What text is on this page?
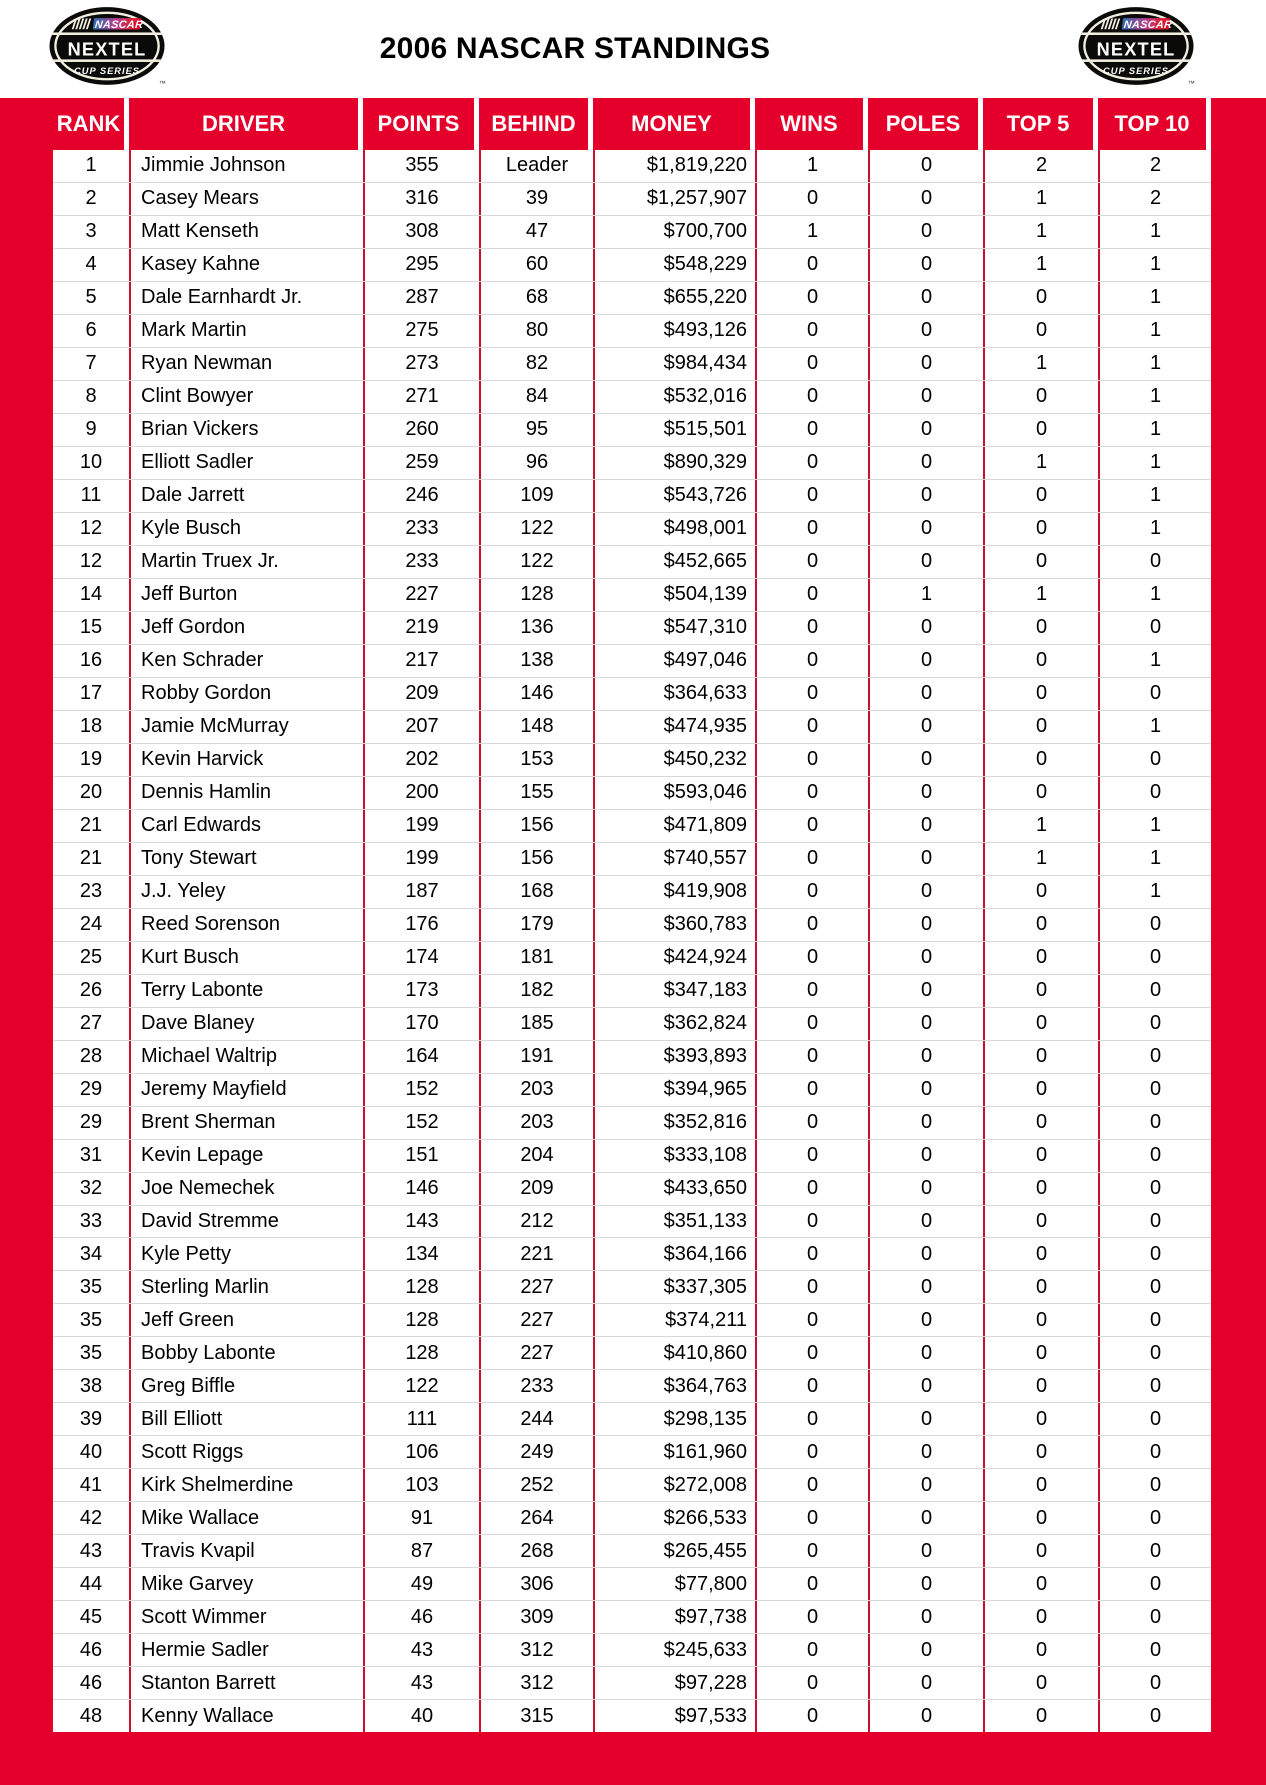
2006 NASCAR STANDINGS
RANK	DRIVER	POINTS	BEHIND	MONEY	WINS	POLES	TOP 5	TOP 10
1	Jimmie Johnson	355	Leader	$1,819,220	1	0	2	2
2	Casey Mears	316	39	$1,257,907	0	0	1	2
3	Matt Kenseth	308	47	$700,700	1	0	1	1
4	Kasey Kahne	295	60	$548,229	0	0	1	1
5	Dale Earnhardt Jr.	287	68	$655,220	0	0	0	1
6	Mark Martin	275	80	$493,126	0	0	0	1
7	Ryan Newman	273	82	$984,434	0	0	1	1
8	Clint Bowyer	271	84	$532,016	0	0	0	1
9	Brian Vickers	260	95	$515,501	0	0	0	1
10	Elliott Sadler	259	96	$890,329	0	0	1	1
11	Dale Jarrett	246	109	$543,726	0	0	0	1
12	Kyle Busch	233	122	$498,001	0	0	0	1
12	Martin Truex Jr.	233	122	$452,665	0	0	0	0
14	Jeff Burton	227	128	$504,139	0	1	1	1
15	Jeff Gordon	219	136	$547,310	0	0	0	0
16	Ken Schrader	217	138	$497,046	0	0	0	1
17	Robby Gordon	209	146	$364,633	0	0	0	0
18	Jamie McMurray	207	148	$474,935	0	0	0	1
19	Kevin Harvick	202	153	$450,232	0	0	0	0
20	Dennis Hamlin	200	155	$593,046	0	0	0	0
21	Carl Edwards	199	156	$471,809	0	0	1	1
21	Tony Stewart	199	156	$740,557	0	0	1	1
23	J.J. Yeley	187	168	$419,908	0	0	0	1
24	Reed Sorenson	176	179	$360,783	0	0	0	0
25	Kurt Busch	174	181	$424,924	0	0	0	0
26	Terry Labonte	173	182	$347,183	0	0	0	0
27	Dave Blaney	170	185	$362,824	0	0	0	0
28	Michael Waltrip	164	191	$393,893	0	0	0	0
29	Jeremy Mayfield	152	203	$394,965	0	0	0	0
29	Brent Sherman	152	203	$352,816	0	0	0	0
31	Kevin Lepage	151	204	$333,108	0	0	0	0
32	Joe Nemechek	146	209	$433,650	0	0	0	0
33	David Stremme	143	212	$351,133	0	0	0	0
34	Kyle Petty	134	221	$364,166	0	0	0	0
35	Sterling Marlin	128	227	$337,305	0	0	0	0
35	Jeff Green	128	227	$374,211	0	0	0	0
35	Bobby Labonte	128	227	$410,860	0	0	0	0
38	Greg Biffle	122	233	$364,763	0	0	0	0
39	Bill Elliott	111	244	$298,135	0	0	0	0
40	Scott Riggs	106	249	$161,960	0	0	0	0
41	Kirk Shelmerdine	103	252	$272,008	0	0	0	0
42	Mike Wallace	91	264	$266,533	0	0	0	0
43	Travis Kvapil	87	268	$265,455	0	0	0	0
44	Mike Garvey	49	306	$77,800	0	0	0	0
45	Scott Wimmer	46	309	$97,738	0	0	0	0
46	Hermie Sadler	43	312	$245,633	0	0	0	0
46	Stanton Barrett	43	312	$97,228	0	0	0	0
48	Kenny Wallace	40	315	$97,533	0	0	0	0
